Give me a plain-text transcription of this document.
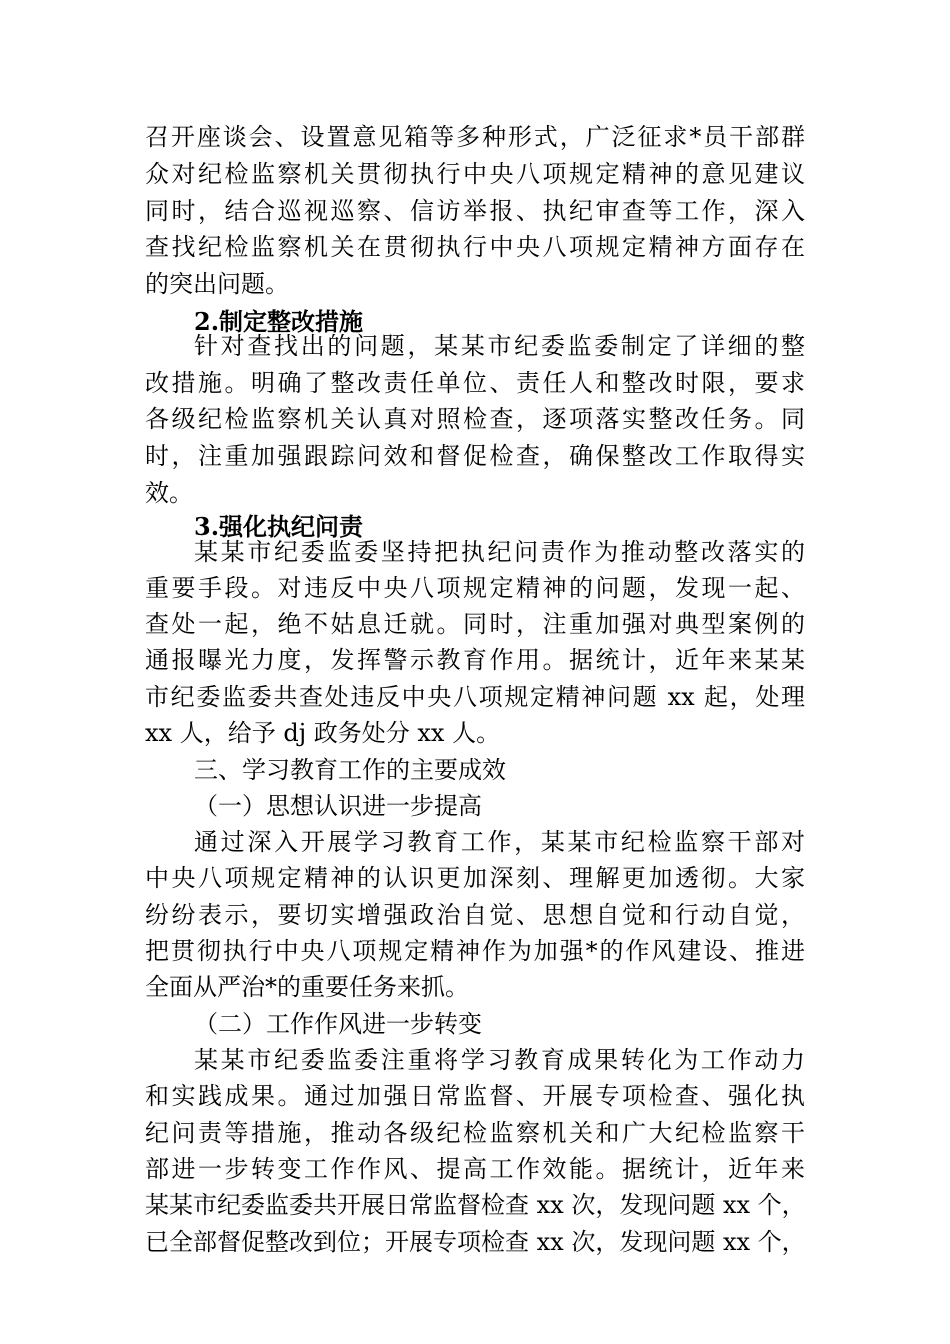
召开座谈会、设置意见箱等多种形式，广泛征求*员干部群
众对纪检监察机关贯彻执行中央八项规定精神的意见建议
同时，结合巡视巡察、信访举报、执纪审查等工作，深入
查找纪检监察机关在贯彻执行中央八项规定精神方面存在
的突出问题。
2.制定整改措施
针对查找出的问题，某某市纪委监委制定了详细的整
改措施。明确了整改责任单位、责任人和整改时限，要求
各级纪检监察机关认真对照检查，逐项落实整改任务。同
时，注重加强跟踪问效和督促检查，确保整改工作取得实
效。
3.强化执纪问责
某某市纪委监委坚持把执纪问责作为推动整改落实的
重要手段。对违反中央八项规定精神的问题，发现一起、
查处一起，绝不姑息迁就。同时，注重加强对典型案例的
通报曝光力度，发挥警示教育作用。据统计，近年来某某
市纪委监委共查处违反中央八项规定精神问题 xx 起，处理
xx 人，给予 dj 政务处分 xx 人。
三、学习教育工作的主要成效
（一）思想认识进一步提高
通过深入开展学习教育工作，某某市纪检监察干部对
中央八项规定精神的认识更加深刻、理解更加透彻。大家
纷纷表示，要切实增强政治自觉、思想自觉和行动自觉，
把贯彻执行中央八项规定精神作为加强*的作风建设、推进
全面从严治*的重要任务来抓。
（二）工作作风进一步转变
某某市纪委监委注重将学习教育成果转化为工作动力
和实践成果。通过加强日常监督、开展专项检查、强化执
纪问责等措施，推动各级纪检监察机关和广大纪检监察干
部进一步转变工作作风、提高工作效能。据统计，近年来
某某市纪委监委共开展日常监督检查 xx 次，发现问题 xx 个，
已全部督促整改到位；开展专项检查 xx 次，发现问题 xx 个，
